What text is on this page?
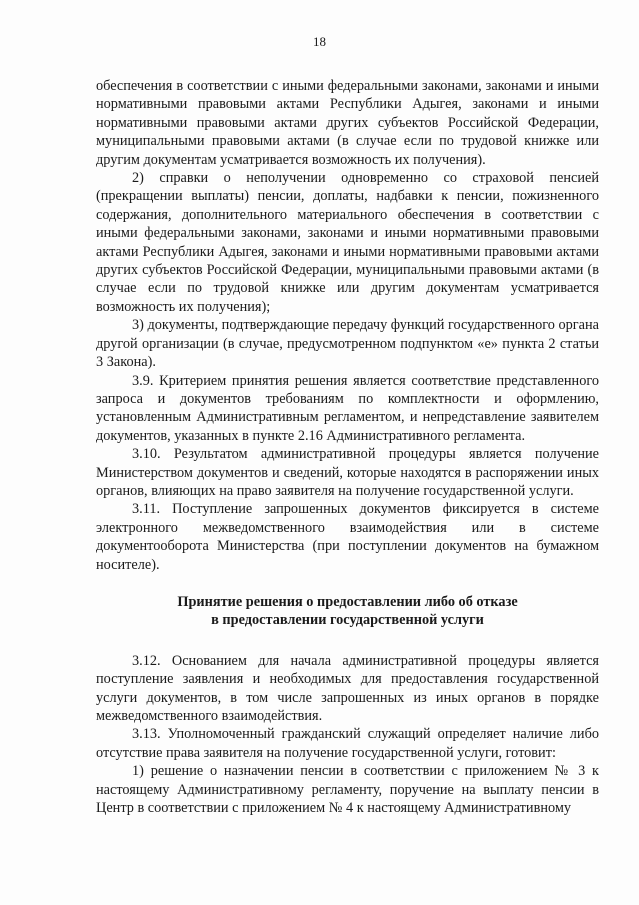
18

обеспечения в соответствии с иными федеральными законами, законами и иными нормативными правовыми актами Республики Адыгея, законами и иными нормативными правовыми актами других субъектов Российской Федерации, муниципальными правовыми актами (в случае если по трудовой книжке или другим документам усматривается возможность их получения).

2) справки о неполучении одновременно со страховой пенсией (прекращении выплаты) пенсии, доплаты, надбавки к пенсии, пожизненного содержания, дополнительного материального обеспечения в соответствии с иными федеральными законами, законами и иными нормативными правовыми актами Республики Адыгея, законами и иными нормативными правовыми актами других субъектов Российской Федерации, муниципальными правовыми актами (в случае если по трудовой книжке или другим документам усматривается возможность их получения);

3) документы, подтверждающие передачу функций государственного органа другой организации (в случае, предусмотренном подпунктом «е» пункта 2 статьи 3 Закона).

3.9. Критерием принятия решения является соответствие представленного запроса и документов требованиям по комплектности и оформлению, установленным Административным регламентом, и непредставление заявителем документов, указанных в пункте 2.16 Административного регламента.

3.10. Результатом административной процедуры является получение Министерством документов и сведений, которые находятся в распоряжении иных органов, влияющих на право заявителя на получение государственной услуги.

3.11. Поступление запрошенных документов фиксируется в системе электронного межведомственного взаимодействия или в системе документооборота Министерства (при поступлении документов на бумажном носителе).

Принятие решения о предоставлении либо об отказе
в предоставлении государственной услуги

3.12. Основанием для начала административной процедуры является поступление заявления и необходимых для предоставления государственной услуги документов, в том числе запрошенных из иных органов в порядке межведомственного взаимодействия.

3.13. Уполномоченный гражданский служащий определяет наличие либо отсутствие права заявителя на получение государственной услуги, готовит:

1) решение о назначении пенсии в соответствии с приложением № 3 к настоящему Административному регламенту, поручение на выплату пенсии в Центр в соответствии с приложением № 4 к настоящему Административному
